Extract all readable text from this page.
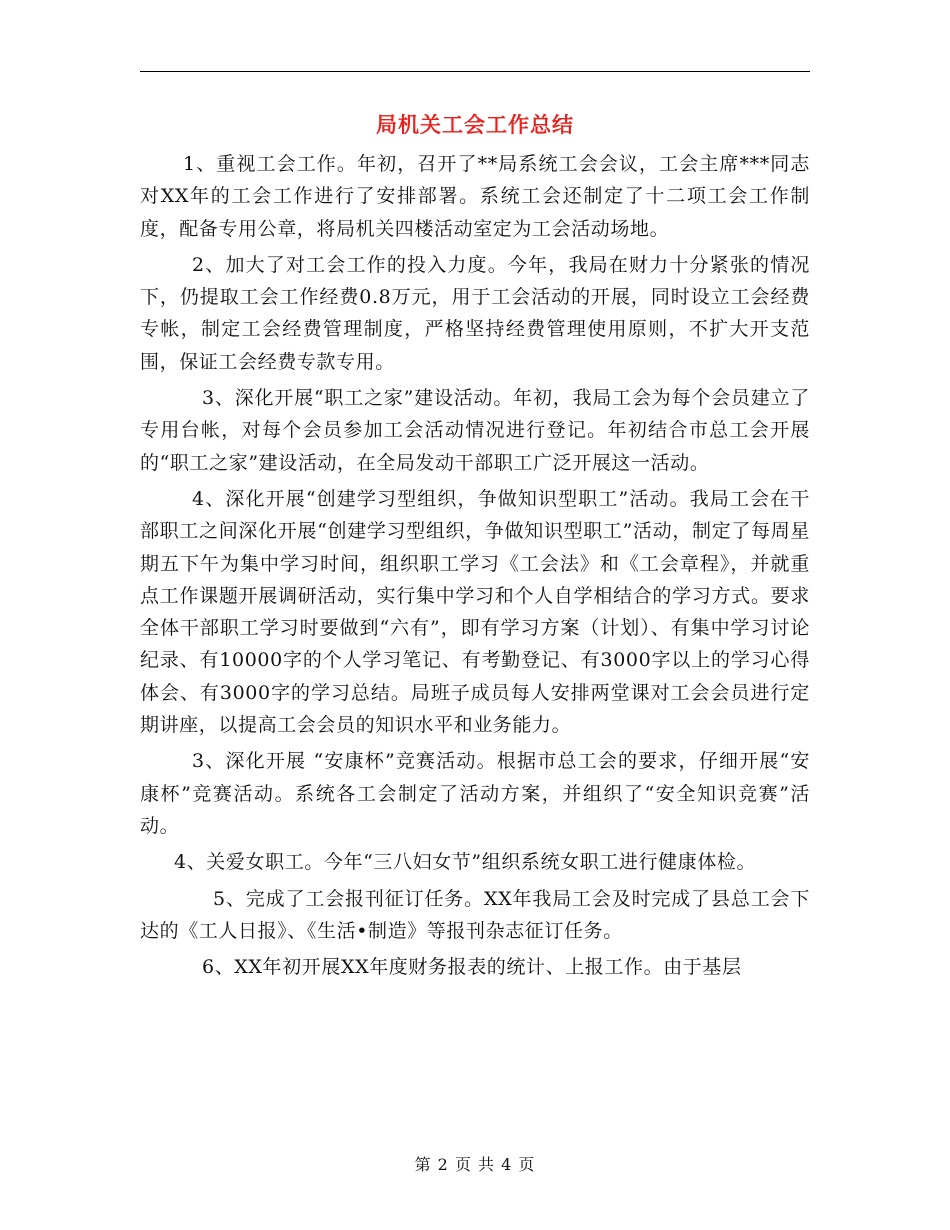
局机关工会工作总结

1、重视工会工作。年初，召开了**局系统工会会议，工会主席***同志对XX年的工会工作进行了安排部署。系统工会还制定了十二项工会工作制度，配备专用公章，将局机关四楼活动室定为工会活动场地。

2、加大了对工会工作的投入力度。今年，我局在财力十分紧张的情况下，仍提取工会工作经费0.8万元，用于工会活动的开展，同时设立工会经费专帐，制定工会经费管理制度，严格坚持经费管理使用原则，不扩大开支范围，保证工会经费专款专用。

3、深化开展“职工之家”建设活动。年初，我局工会为每个会员建立了专用台帐，对每个会员参加工会活动情况进行登记。年初结合市总工会开展的“职工之家”建设活动，在全局发动干部职工广泛开展这一活动。

4、深化开展“创建学习型组织，争做知识型职工”活动。我局工会在干部职工之间深化开展“创建学习型组织，争做知识型职工”活动，制定了每周星期五下午为集中学习时间，组织职工学习《工会法》和《工会章程》，并就重点工作课题开展调研活动，实行集中学习和个人自学相结合的学习方式。要求全体干部职工学习时要做到“六有”，即有学习方案（计划）、有集中学习讨论纪录、有10000字的个人学习笔记、有考勤登记、有3000字以上的学习心得体会、有3000字的学习总结。局班子成员每人安排两堂课对工会会员进行定期讲座，以提高工会会员的知识水平和业务能力。

3、深化开展 “安康杯”竞赛活动。根据市总工会的要求，仔细开展“安康杯”竞赛活动。系统各工会制定了活动方案，并组织了“安全知识竞赛”活动。

4、关爱女职工。今年“三八妇女节”组织系统女职工进行健康体检。

5、完成了工会报刊征订任务。XX年我局工会及时完成了县总工会下达的《工人日报》、《生活•制造》等报刊杂志征订任务。

6、XX年初开展XX年度财务报表的统计、上报工作。由于基层

第 2 页 共 4 页
